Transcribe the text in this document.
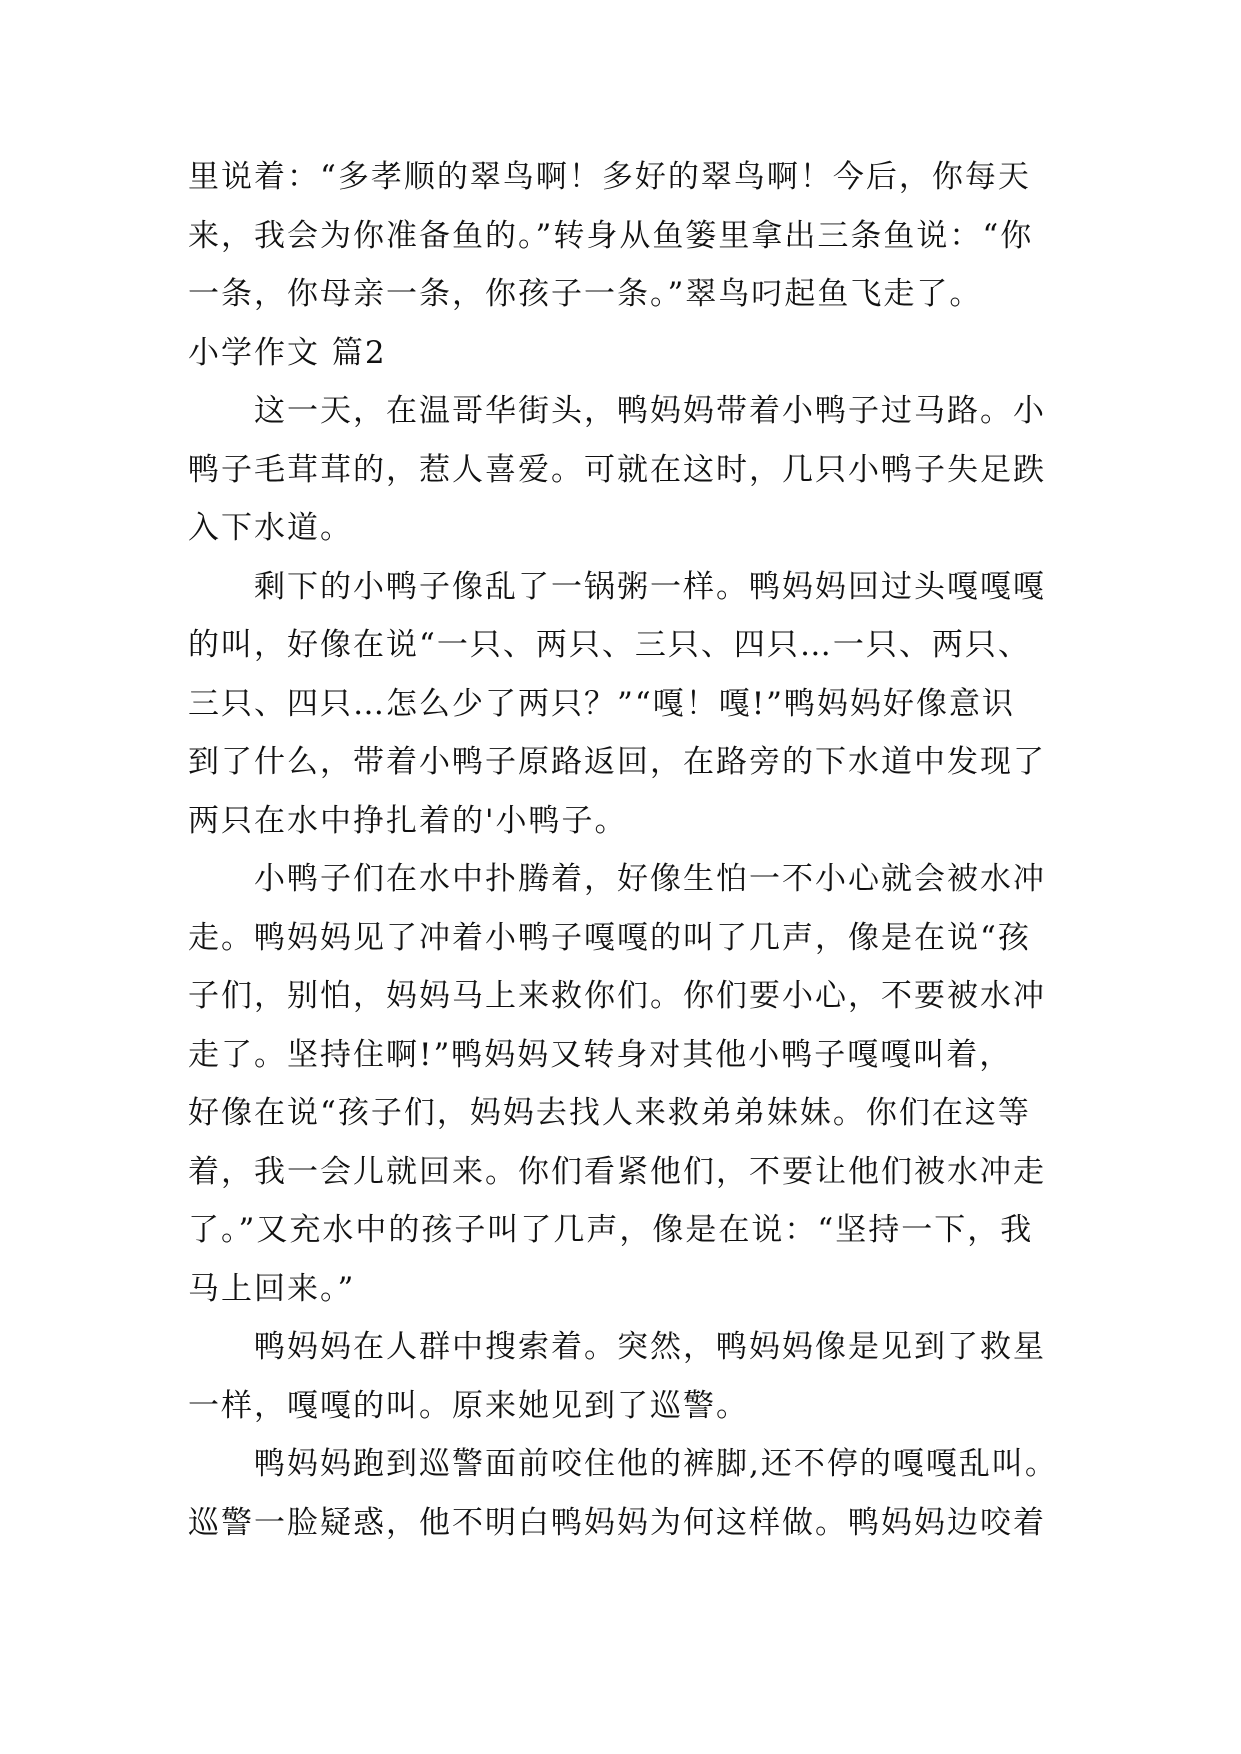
里说着：“多孝顺的翠鸟啊！多好的翠鸟啊！今后，你每天
来，我会为你准备鱼的。”转身从鱼篓里拿出三条鱼说：“你
一条，你母亲一条，你孩子一条。”翠鸟叼起鱼飞走了。
小学作文 篇2
这一天，在温哥华街头，鸭妈妈带着小鸭子过马路。小
鸭子毛茸茸的，惹人喜爱。可就在这时，几只小鸭子失足跌
入下水道。
剩下的小鸭子像乱了一锅粥一样。鸭妈妈回过头嘎嘎嘎
的叫，好像在说“一只、两只、三只、四只…一只、两只、
三只、四只…怎么少了两只？”“嘎！嘎!”鸭妈妈好像意识
到了什么，带着小鸭子原路返回，在路旁的下水道中发现了
两只在水中挣扎着的'小鸭子。
小鸭子们在水中扑腾着，好像生怕一不小心就会被水冲
走。鸭妈妈见了冲着小鸭子嘎嘎的叫了几声，像是在说“孩
子们，别怕，妈妈马上来救你们。你们要小心，不要被水冲
走了。坚持住啊!”鸭妈妈又转身对其他小鸭子嘎嘎叫着，
好像在说“孩子们，妈妈去找人来救弟弟妹妹。你们在这等
着，我一会儿就回来。你们看紧他们，不要让他们被水冲走
了。”又充水中的孩子叫了几声，像是在说：“坚持一下，我
马上回来。”
鸭妈妈在人群中搜索着。突然，鸭妈妈像是见到了救星
一样，嘎嘎的叫。原来她见到了巡警。
鸭妈妈跑到巡警面前咬住他的裤脚,还不停的嘎嘎乱叫。
巡警一脸疑惑，他不明白鸭妈妈为何这样做。鸭妈妈边咬着
